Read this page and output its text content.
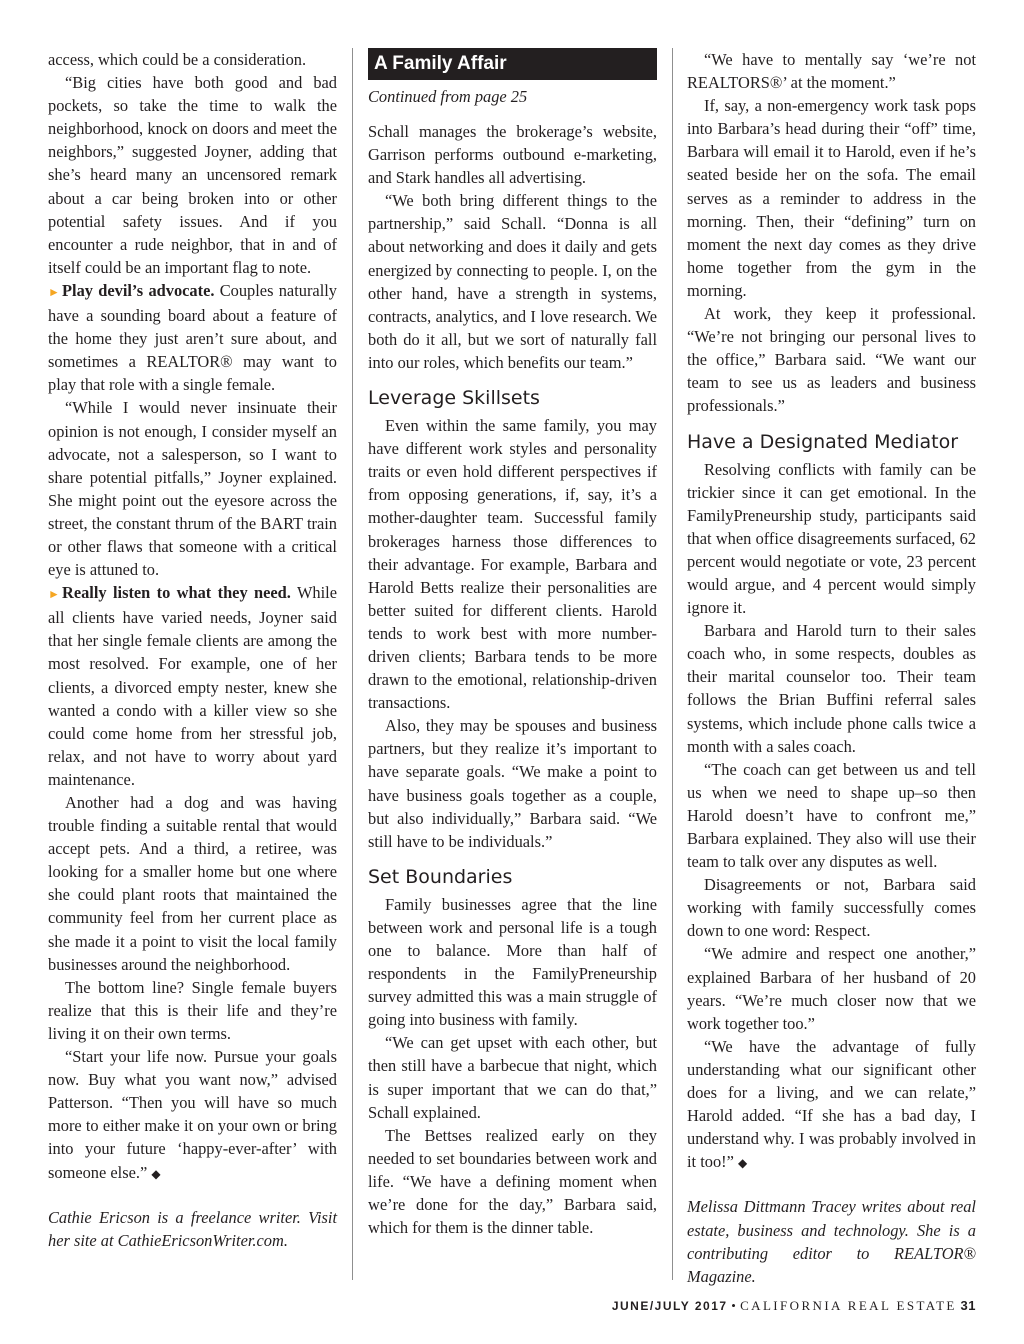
access, which could be a consideration.

“Big cities have both good and bad pockets, so take the time to walk the neighborhood, knock on doors and meet the neighbors,” suggested Joyner, adding that she’s heard many an uncensored remark about a car being broken into or other potential safety issues. And if you encounter a rude neighbor, that in and of itself could be an important flag to note.

► Play devil’s advocate. Couples naturally have a sounding board about a feature of the home they just aren’t sure about, and sometimes a REALTOR® may want to play that role with a single female.

“While I would never insinuate their opinion is not enough, I consider myself an advocate, not a salesperson, so I want to share potential pitfalls,” Joyner explained. She might point out the eyesore across the street, the constant thrum of the BART train or other flaws that someone with a critical eye is attuned to.

► Really listen to what they need. While all clients have varied needs, Joyner said that her single female clients are among the most resolved. For example, one of her clients, a divorced empty nester, knew she wanted a condo with a killer view so she could come home from her stressful job, relax, and not have to worry about yard maintenance.

Another had a dog and was having trouble finding a suitable rental that would accept pets. And a third, a retiree, was looking for a smaller home but one where she could plant roots that maintained the community feel from her current place as she made it a point to visit the local family businesses around the neighborhood.

The bottom line? Single female buyers realize that this is their life and they’re living it on their own terms.

“Start your life now. Pursue your goals now. Buy what you want now,” advised Patterson. “Then you will have so much more to either make it on your own or bring into your future ‘happy-ever-after’ with someone else.” ◆

Cathie Ericson is a freelance writer. Visit her site at CathieEricsonWriter.com.

A Family Affair
Continued from page 25

Schall manages the brokerage’s website, Garrison performs outbound e-marketing, and Stark handles all advertising.

“We both bring different things to the partnership,” said Schall. “Donna is all about networking and does it daily and gets energized by connecting to people. I, on the other hand, have a strength in systems, contracts, analytics, and I love research. We both do it all, but we sort of naturally fall into our roles, which benefits our team.”

Leverage Skillsets

Even within the same family, you may have different work styles and personality traits or even hold different perspectives if from opposing generations, if, say, it’s a mother-daughter team. Successful family brokerages harness those differences to their advantage. For example, Barbara and Harold Betts realize their personalities are better suited for different clients. Harold tends to work best with more number-driven clients; Barbara tends to be more drawn to the emotional, relationship-driven transactions.

Also, they may be spouses and business partners, but they realize it’s important to have separate goals. “We make a point to have business goals together as a couple, but also individually,” Barbara said. “We still have to be individuals.”

Set Boundaries

Family businesses agree that the line between work and personal life is a tough one to balance. More than half of respondents in the FamilyPreneurship survey admitted this was a main struggle of going into business with family.

“We can get upset with each other, but then still have a barbecue that night, which is super important that we can do that,” Schall explained.

The Bettses realized early on they needed to set boundaries between work and life. “We have a defining moment when we’re done for the day,” Barbara said, which for them is the dinner table.

“We have to mentally say ‘we’re not REALTORS®’ at the moment.”

If, say, a non-emergency work task pops into Barbara’s head during their “off” time, Barbara will email it to Harold, even if he’s seated beside her on the sofa. The email serves as a reminder to address in the morning. Then, their “defining” turn on moment the next day comes as they drive home together from the gym in the morning.

At work, they keep it professional. “We’re not bringing our personal lives to the office,” Barbara said. “We want our team to see us as leaders and business professionals.”

Have a Designated Mediator

Resolving conflicts with family can be trickier since it can get emotional. In the FamilyPreneurship study, participants said that when office disagreements surfaced, 62 percent would negotiate or vote, 23 percent would argue, and 4 percent would simply ignore it.

Barbara and Harold turn to their sales coach who, in some respects, doubles as their marital counselor too. Their team follows the Brian Buffini referral sales systems, which include phone calls twice a month with a sales coach.

“The coach can get between us and tell us when we need to shape up–so then Harold doesn’t have to confront me,” Barbara explained. They also will use their team to talk over any disputes as well.

Disagreements or not, Barbara said working with family successfully comes down to one word: Respect.

“We admire and respect one another,” explained Barbara of her husband of 20 years. “We’re much closer now that we work together too.”

“We have the advantage of fully understanding what our significant other does for a living, and we can relate,” Harold added. “If she has a bad day, I understand why. I was probably involved in it too!” ◆

Melissa Dittmann Tracey writes about real estate, business and technology. She is a contributing editor to REALTOR® Magazine.

JUNE/JULY 2017 • CALIFORNIA REAL ESTATE 31
